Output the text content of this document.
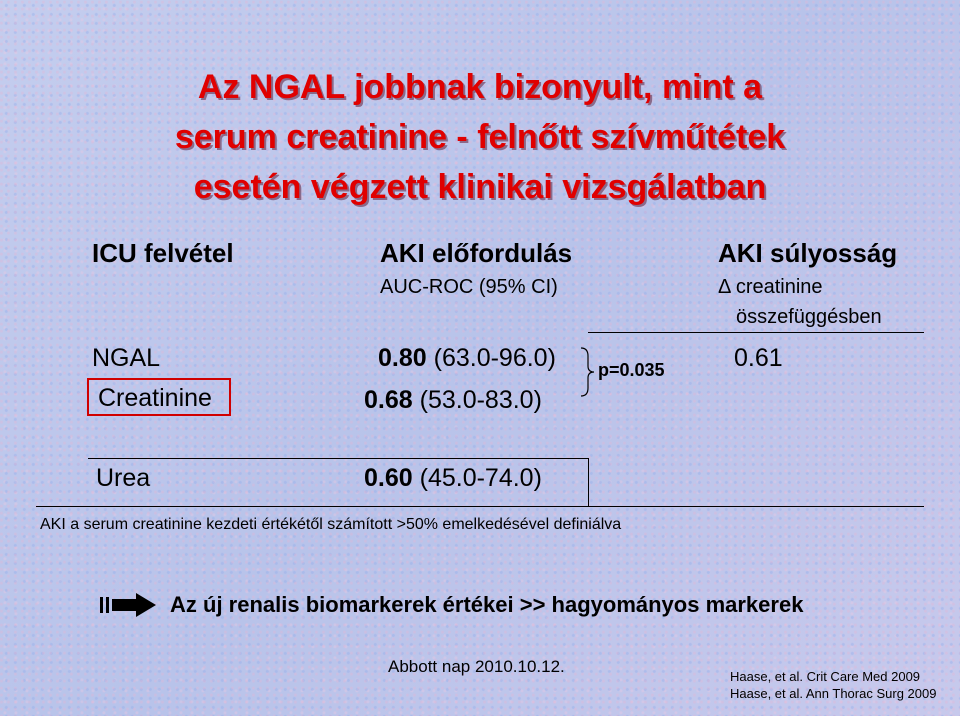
Az NGAL jobbnak bizonyult, mint a
serum creatinine - felnőtt szívműtétek
esetén végzett klinikai vizsgálatban
ICU felvétel	AKI előfordulás
AUC-ROC (95% CI)
AKI súlyosság
Δ creatinine
összefüggésben
NGAL	0.80 (63.0-96.0)	0.61
Creatinine	0.68 (53.0-83.0)
p=0.035
Urea	0.60 (45.0-74.0)
AKI a serum creatinine kezdeti értékétől számított >50% emelkedésével definiálva
Az új renalis biomarkerek értékei >> hagyományos markerek
Abbott nap 2010.10.12.
Haase, et al. Crit Care Med 2009
Haase, et al. Ann Thorac Surg 2009
